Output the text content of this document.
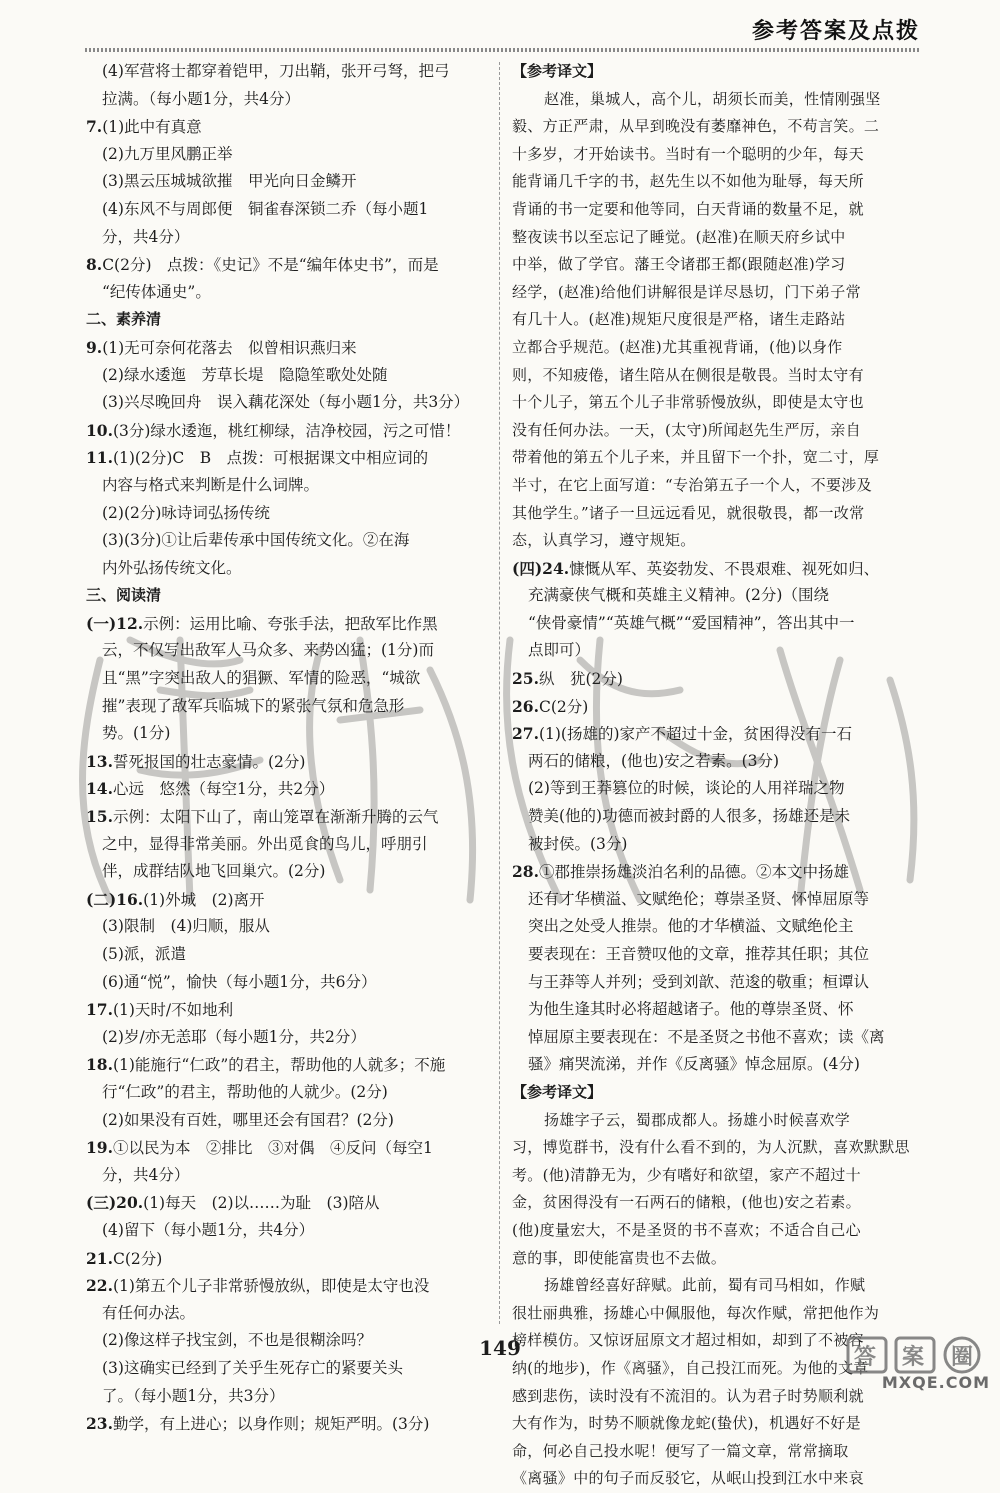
参考答案及点拨
(4)军营将士都穿着铠甲，刀出鞘，张开弓弩，把弓
拉满。（每小题1分，共4分）
7.(1)此中有真意
(2)九万里风鹏正举
(3)黑云压城城欲摧　甲光向日金鳞开
(4)东风不与周郎便　铜雀春深锁二乔（每小题1
分，共4分）
8.C(2分)　点拨：《史记》不是“编年体史书”，而是
“纪传体通史”。
二、素养清
9.(1)无可奈何花落去　似曾相识燕归来
(2)绿水逶迤　芳草长堤　隐隐笙歌处处随
(3)兴尽晚回舟　误入藕花深处（每小题1分，共3分）
10.(3分)绿水逶迤，桃红柳绿，洁净校园，污之可惜！
11.(1)(2分)C　B　点拨：可根据课文中相应词的
内容与格式来判断是什么词牌。
(2)(2分)咏诗词弘扬传统
(3)(3分)①让后辈传承中国传统文化。②在海
内外弘扬传统文化。
三、阅读清
(一)12.示例：运用比喻、夸张手法，把敌军比作黑
云，不仅写出敌军人马众多、来势凶猛；(1分)而
且“黑”字突出敌人的猖獗、军情的险恶，“城欲
摧”表现了敌军兵临城下的紧张气氛和危急形
势。(1分)
13.誓死报国的壮志豪情。(2分)
14.心远　悠然（每空1分，共2分）
15.示例：太阳下山了，南山笼罩在渐渐升腾的云气
之中，显得非常美丽。外出觅食的鸟儿，呼朋引
伴，成群结队地飞回巢穴。(2分)
(二)16.(1)外城　(2)离开
(3)限制　(4)归顺，服从
(5)派，派遣
(6)通“悦”，愉快（每小题1分，共6分）
17.(1)天时/不如地利
(2)岁/亦无恙耶（每小题1分，共2分）
18.(1)能施行“仁政”的君主，帮助他的人就多；不施
行“仁政”的君主，帮助他的人就少。(2分)
(2)如果没有百姓，哪里还会有国君？(2分)
19.①以民为本　②排比　③对偶　④反问（每空1
分，共4分）
(三)20.(1)每天　(2)以……为耻　(3)陪从
(4)留下（每小题1分，共4分）
21.C(2分)
22.(1)第五个儿子非常骄慢放纵，即使是太守也没
有任何办法。
(2)像这样子找宝剑，不也是很糊涂吗？
(3)这确实已经到了关乎生死存亡的紧要关头
了。（每小题1分，共3分）
23.勤学，有上进心；以身作则；规矩严明。(3分)
【参考译文】
赵准，巢城人，高个儿，胡须长而美，性情刚强坚
毅、方正严肃，从早到晚没有萎靡神色，不苟言笑。二
十多岁，才开始读书。当时有一个聪明的少年，每天
能背诵几千字的书，赵先生以不如他为耻辱，每天所
背诵的书一定要和他等同，白天背诵的数量不足，就
整夜读书以至忘记了睡觉。(赵准)在顺天府乡试中
中举，做了学官。藩王令诸郡王都(跟随赵准)学习
经学，(赵准)给他们讲解很是详尽恳切，门下弟子常
有几十人。(赵准)规矩尺度很是严格，诸生走路站
立都合乎规范。(赵准)尤其重视背诵，(他)以身作
则，不知疲倦，诸生陪从在侧很是敬畏。当时太守有
十个儿子，第五个儿子非常骄慢放纵，即使是太守也
没有任何办法。一天，(太守)所闻赵先生严厉，亲自
带着他的第五个儿子来，并且留下一个扑，宽二寸，厚
半寸，在它上面写道：“专治第五子一个人，不要涉及
其他学生。”诸子一旦远远看见，就很敬畏，都一改常
态，认真学习，遵守规矩。
(四)24.慷慨从军、英姿勃发、不畏艰难、视死如归、
充满豪侠气概和英雄主义精神。(2分)（围绕
“侠骨豪情”“英雄气概”“爱国精神”，答出其中一
点即可）
25.纵　犹(2分)
26.C(2分)
27.(1)(扬雄的)家产不超过十金，贫困得没有一石
两石的储粮，(他也)安之若素。(3分)
(2)等到王莽篡位的时候，谈论的人用祥瑞之物
赞美(他的)功德而被封爵的人很多，扬雄还是未
被封侯。(3分)
28.①郡推崇扬雄淡泊名利的品德。②本文中扬雄
还有才华横溢、文赋绝伦；尊崇圣贤、怀悼屈原等
突出之处受人推崇。他的才华横溢、文赋绝伦主
要表现在：王音赞叹他的文章，推荐其任职；其位
与王莽等人并列；受到刘歆、范逡的敬重；桓谭认
为他生逢其时必将超越诸子。他的尊崇圣贤、怀
悼屈原主要表现在：不是圣贤之书他不喜欢；读《离
骚》痛哭流涕，并作《反离骚》悼念屈原。(4分)
【参考译文】
扬雄字子云，蜀郡成都人。扬雄小时候喜欢学
习，博览群书，没有什么看不到的，为人沉默，喜欢默默思
考。(他)清静无为，少有嗜好和欲望，家产不超过十
金，贫困得没有一石两石的储粮，(他也)安之若素。
(他)度量宏大，不是圣贤的书不喜欢；不适合自己心
意的事，即使能富贵也不去做。
扬雄曾经喜好辞赋。此前，蜀有司马相如，作赋
很壮丽典雅，扬雄心中佩服他，每次作赋，常把他作为
榜样模仿。又惊讶屈原文才超过相如，却到了不被容
纳(的地步)，作《离骚》，自己投江而死。为他的文章
感到悲伤，读时没有不流泪的。认为君子时势顺利就
大有作为，时势不顺就像龙蛇(蛰伏)，机遇好不好是
命，何必自己投水呢！便写了一篇文章，常常摘取
《离骚》中的句子而反驳它，从岷山投到江水中来哀
149	答 案 圈
MXQE.COM
